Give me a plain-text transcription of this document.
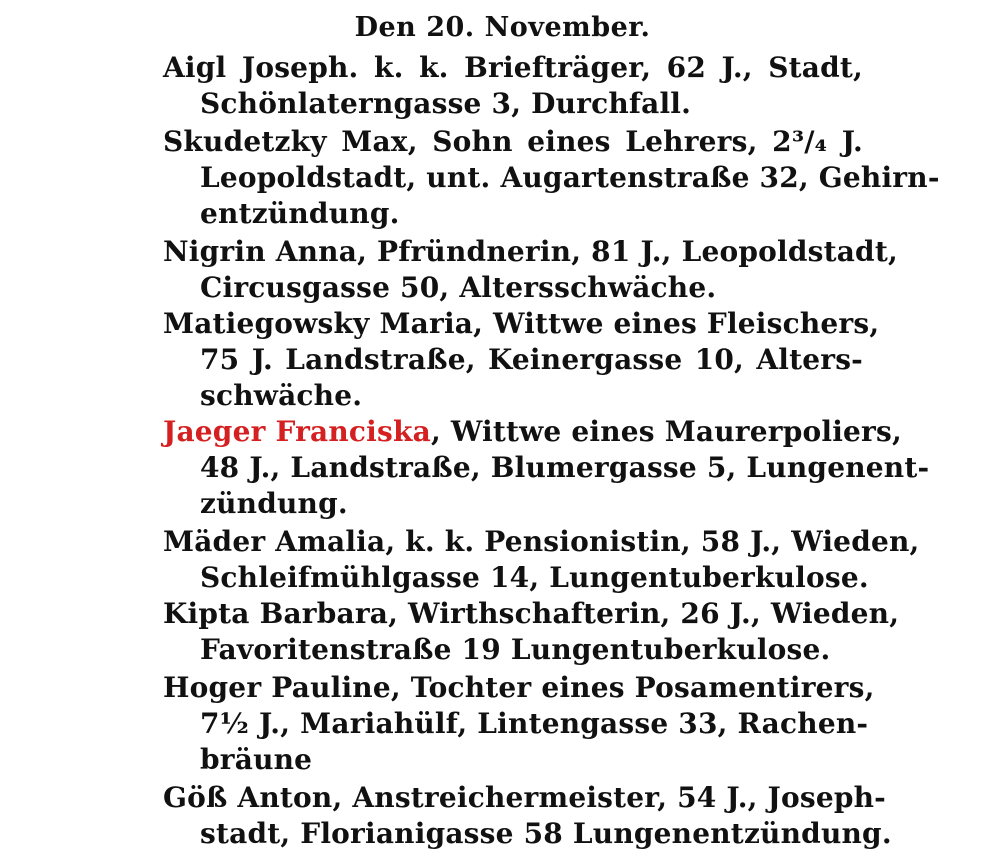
Den 20. November.
Aigl Joseph. k. k. Briefträger, 62 J., Stadt,
Schönlaterngasse 3, Durchfall.
Skudetzky Max, Sohn eines Lehrers, 2³/₄ J.
Leopoldstadt, unt. Augartenstraße 32, Gehirn-
entzündung.
Nigrin Anna, Pfründnerin, 81 J., Leopoldstadt,
Circusgasse 50, Altersschwäche.
Matiegowsky Maria, Wittwe eines Fleischers,
75 J. Landstraße, Keinergasse 10, Alters-
schwäche.
Jaeger Franciska, Wittwe eines Maurerpoliers,
48 J., Landstraße, Blumergasse 5, Lungenent-
zündung.
Mäder Amalia, k. k. Pensionistin, 58 J., Wieden,
Schleifmühlgasse 14, Lungentuberkulose.
Kipta Barbara, Wirthschafterin, 26 J., Wieden,
Favoritenstraße 19 Lungentuberkulose.
Hoger Pauline, Tochter eines Posamentirers,
7½ J., Mariahülf, Lintengasse 33, Rachen-
bräune
Göß Anton, Anstreichermeister, 54 J., Joseph-
stadt, Florianigasse 58 Lungenentzündung.
